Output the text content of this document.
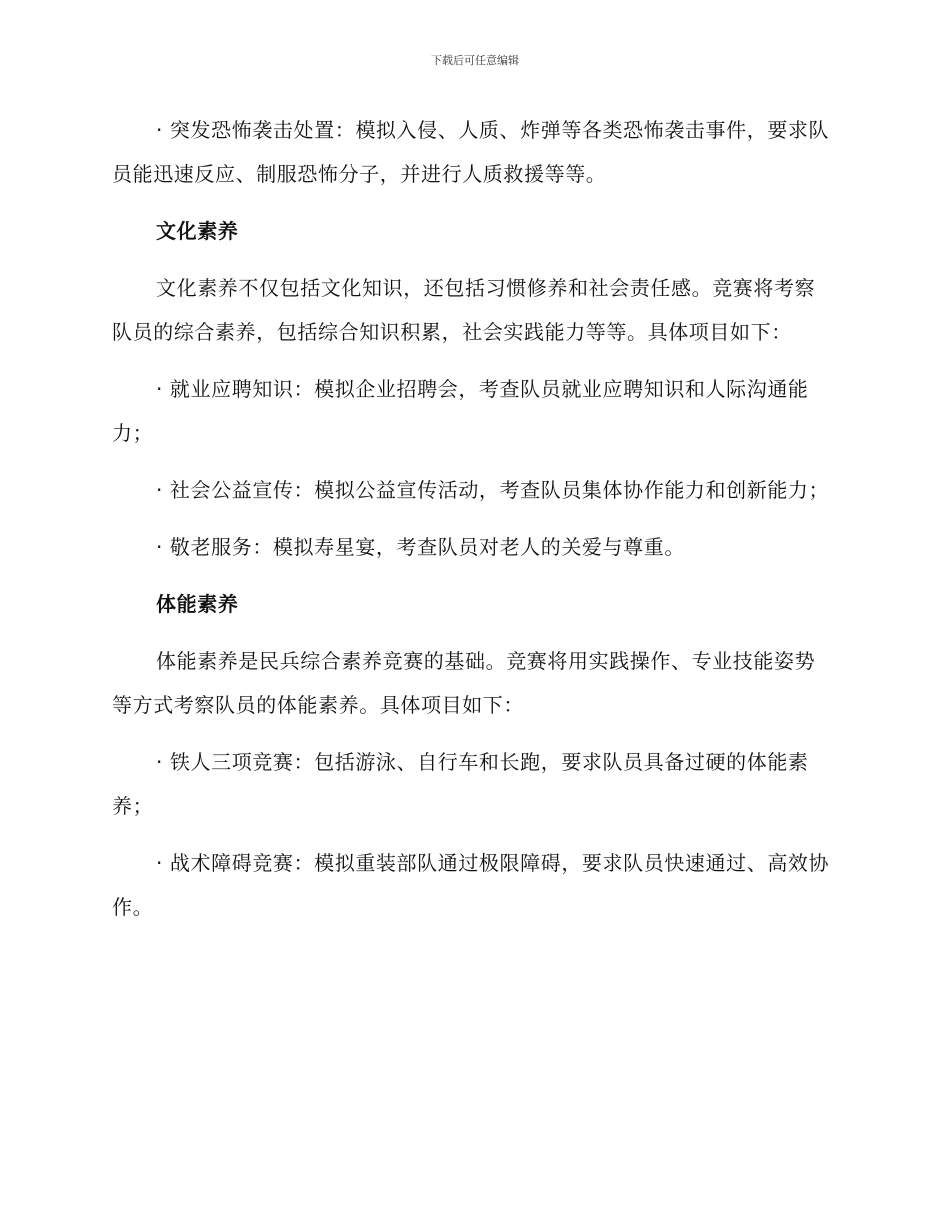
下载后可任意编辑

· 突发恐怖袭击处置：模拟入侵、人质、炸弹等各类恐怖袭击事件，要求队员能迅速反应、制服恐怖分子，并进行人质救援等等。

文化素养

文化素养不仅包括文化知识，还包括习惯修养和社会责任感。竞赛将考察队员的综合素养，包括综合知识积累，社会实践能力等等。具体项目如下：

· 就业应聘知识：模拟企业招聘会，考查队员就业应聘知识和人际沟通能力；

· 社会公益宣传：模拟公益宣传活动，考查队员集体协作能力和创新能力；

· 敬老服务：模拟寿星宴，考查队员对老人的关爱与尊重。

体能素养

体能素养是民兵综合素养竞赛的基础。竞赛将用实践操作、专业技能姿势等方式考察队员的体能素养。具体项目如下：

· 铁人三项竞赛：包括游泳、自行车和长跑，要求队员具备过硬的体能素养；

· 战术障碍竞赛：模拟重装部队通过极限障碍，要求队员快速通过、高效协作。
